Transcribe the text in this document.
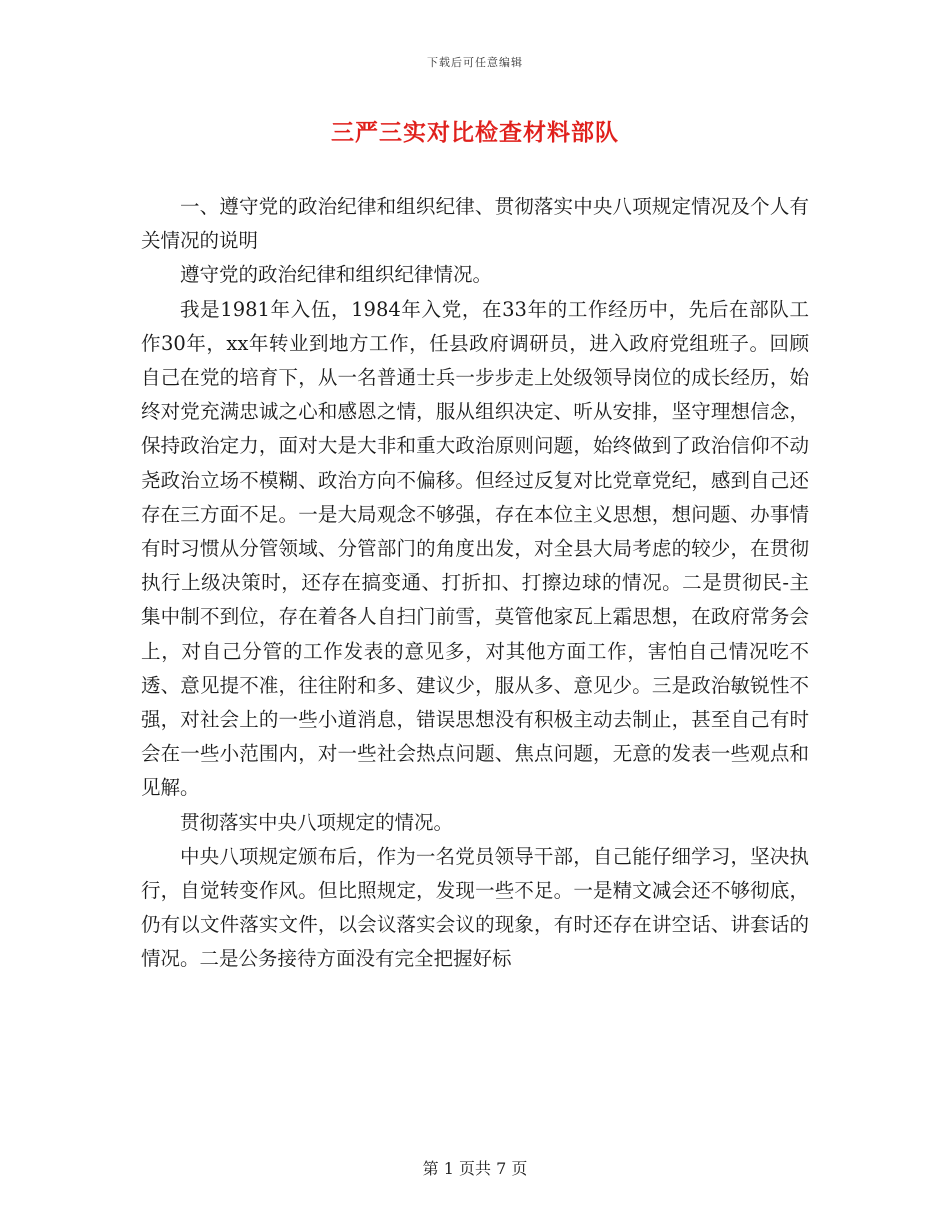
下载后可任意编辑
三严三实对比检查材料部队

一、遵守党的政治纪律和组织纪律、贯彻落实中央八项规定情况及个人有关情况的说明

遵守党的政治纪律和组织纪律情况。

我是1981年入伍，1984年入党，在33年的工作经历中，先后在部队工作30年，xx年转业到地方工作，任县政府调研员，进入政府党组班子。回顾自己在党的培育下，从一名普通士兵一步步走上处级领导岗位的成长经历，始终对党充满忠诚之心和感恩之情，服从组织决定、听从安排，坚守理想信念，保持政治定力，面对大是大非和重大政治原则问题，始终做到了政治信仰不动尧政治立场不模糊、政治方向不偏移。但经过反复对比党章党纪，感到自己还存在三方面不足。一是大局观念不够强，存在本位主义思想，想问题、办事情有时习惯从分管领域、分管部门的角度出发，对全县大局考虑的较少，在贯彻执行上级决策时，还存在搞变通、打折扣、打擦边球的情况。二是贯彻民-主集中制不到位，存在着各人自扫门前雪，莫管他家瓦上霜思想，在政府常务会上，对自己分管的工作发表的意见多，对其他方面工作，害怕自己情况吃不透、意见提不准，往往附和多、建议少，服从多、意见少。三是政治敏锐性不强，对社会上的一些小道消息，错误思想没有积极主动去制止，甚至自己有时会在一些小范围内，对一些社会热点问题、焦点问题，无意的发表一些观点和见解。

贯彻落实中央八项规定的情况。

中央八项规定颁布后，作为一名党员领导干部，自己能仔细学习，坚决执行，自觉转变作风。但比照规定，发现一些不足。一是精文减会还不够彻底，仍有以文件落实文件，以会议落实会议的现象，有时还存在讲空话、讲套话的情况。二是公务接待方面没有完全把握好标

第 1 页共 7 页
